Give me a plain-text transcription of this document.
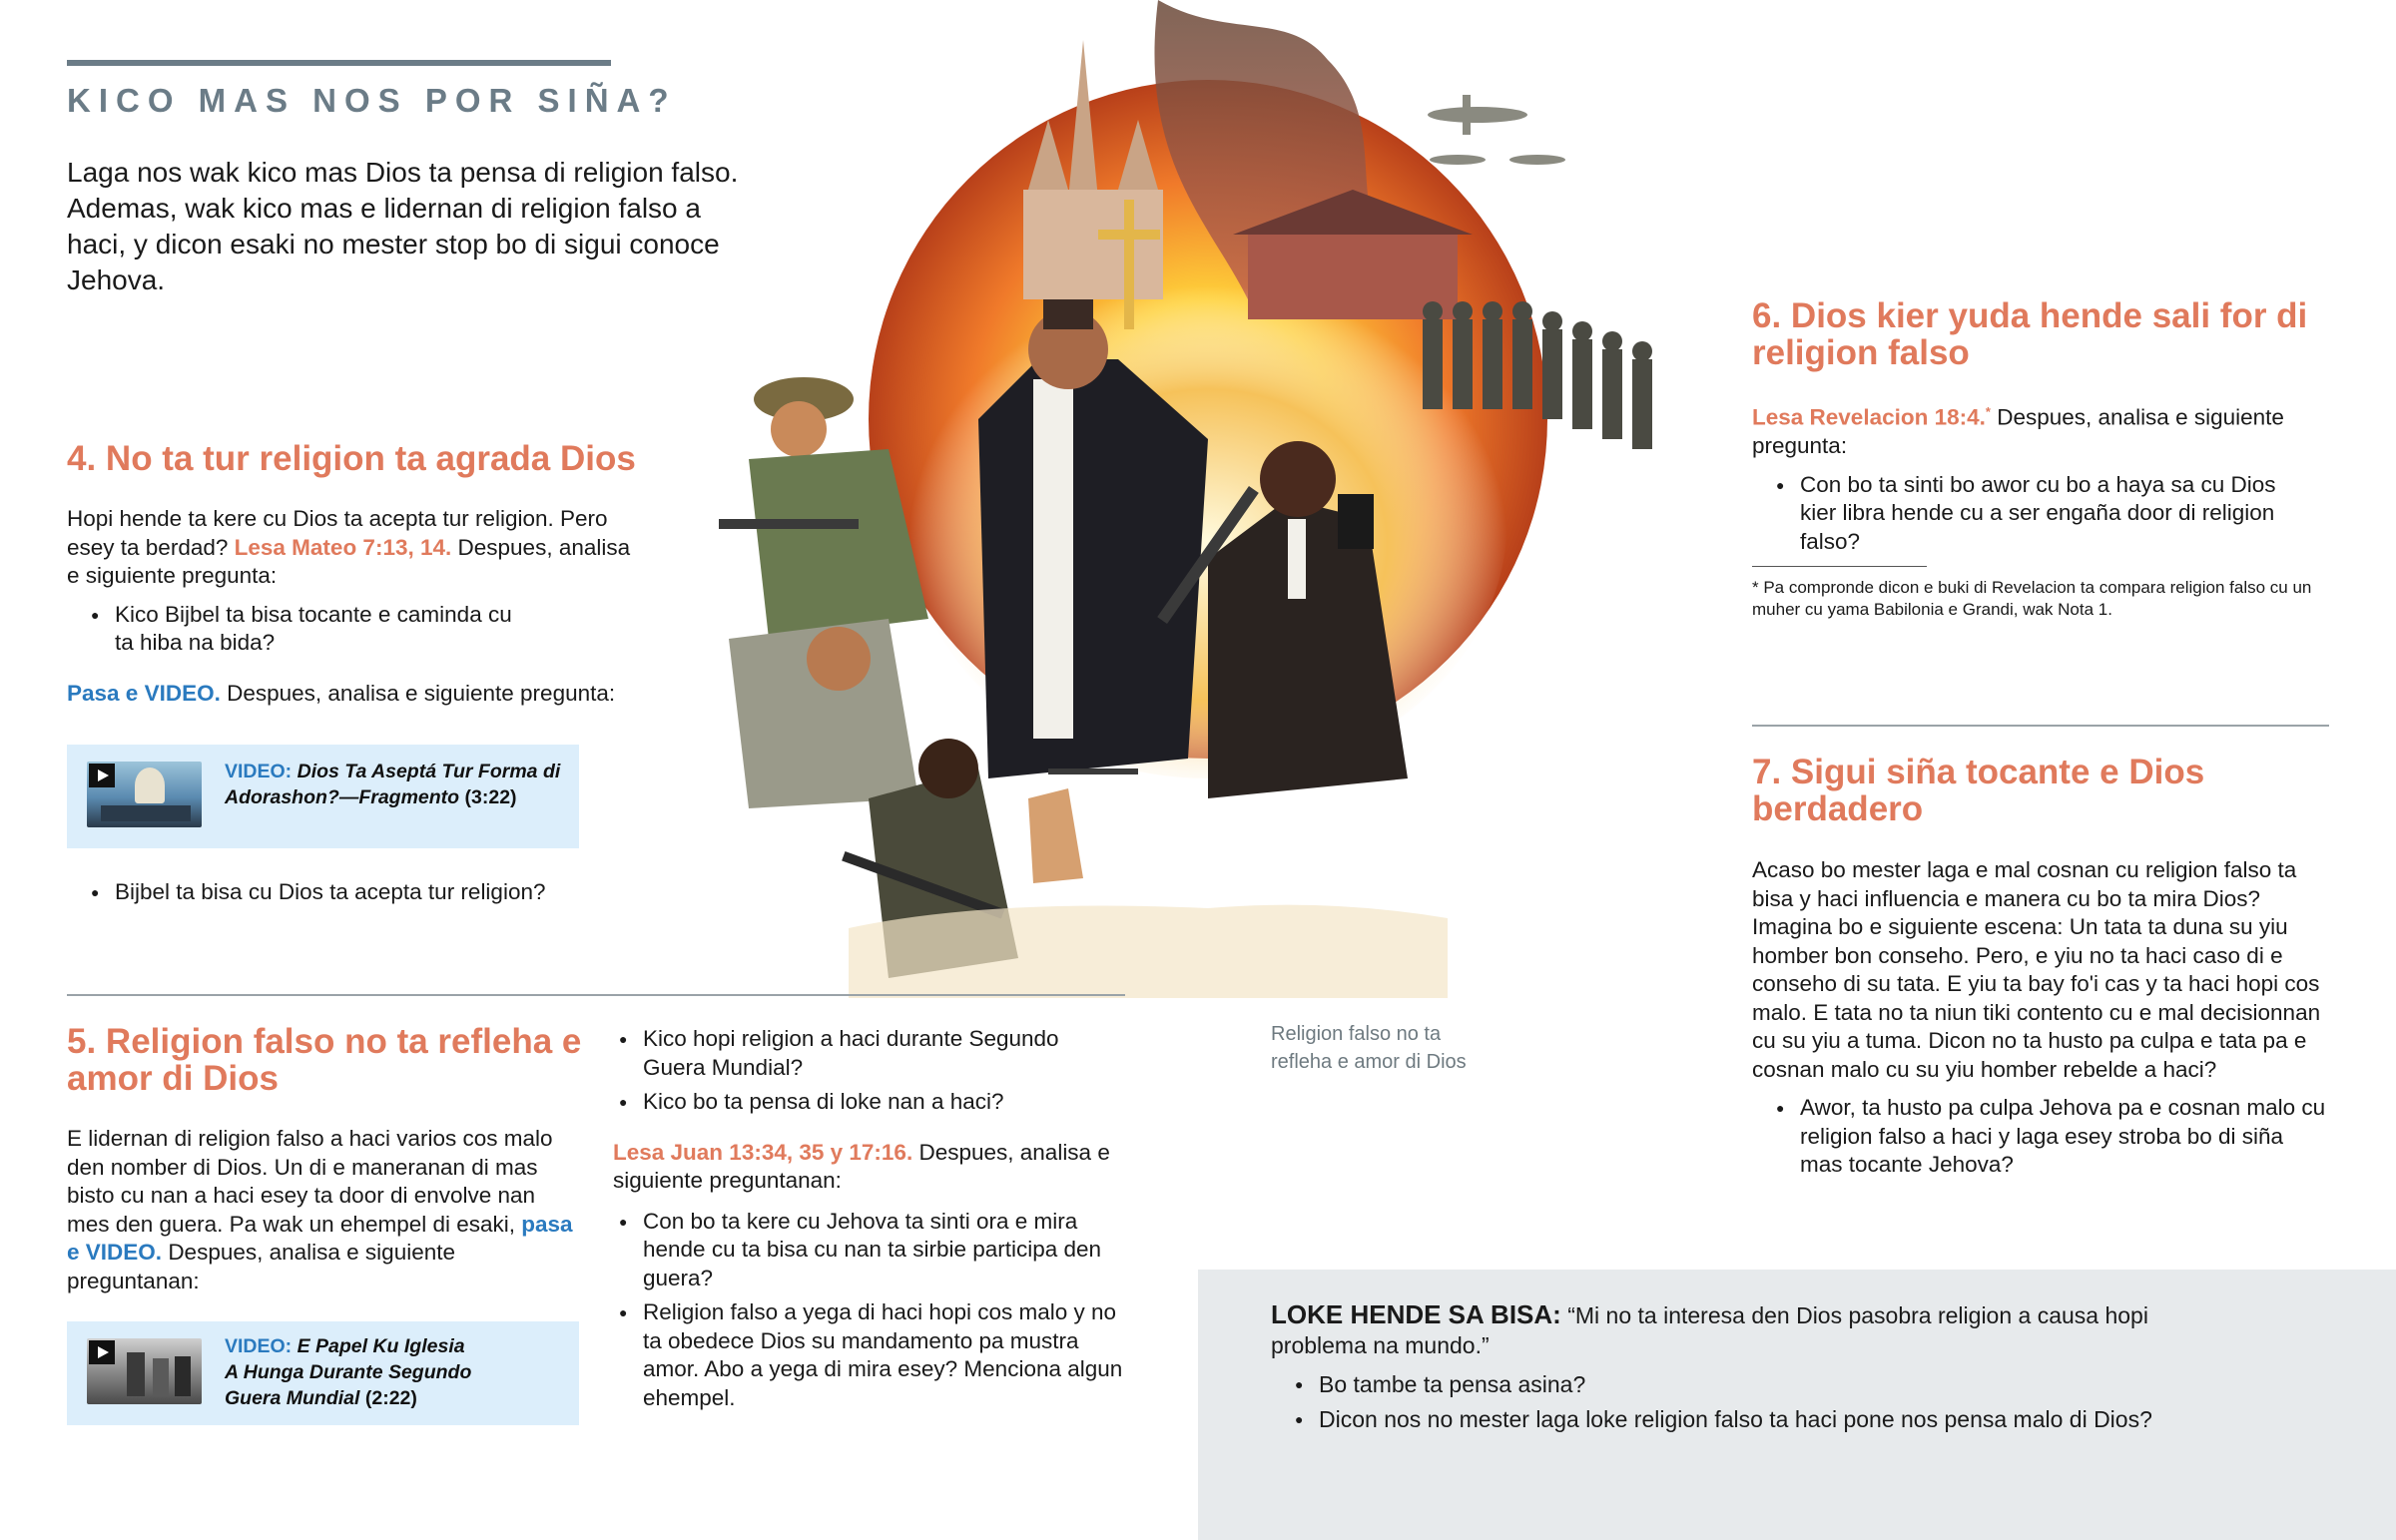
KICO MAS NOS POR SIÑA?
Laga nos wak kico mas Dios ta pensa di religion falso. Ademas, wak kico mas e lidernan di religion falso a haci, y dicon esaki no mester stop bo di sigui conoce Jehova.
Religion falso no ta refleha e amor di Dios
4. No ta tur religion ta agrada Dios
Hopi hende ta kere cu Dios ta acepta tur religion. Pero esey ta berdad? Lesa Mateo 7:13, 14. Despues, analisa e siguiente pregunta:
● Kico Bijbel ta bisa tocante e caminda cu ta hiba na bida?
Pasa e VIDEO. Despues, analisa e siguiente pregunta:
VIDEO: Dios Ta Aseptá Tur Forma di Adorashon?—Fragmento (3:22)
● Bijbel ta bisa cu Dios ta acepta tur religion?
5. Religion falso no ta refleha e amor di Dios
E lidernan di religion falso a haci varios cos malo den nomber di Dios. Un di e maneranan di mas bisto cu nan a haci esey ta door di envolve nan mes den guera. Pa wak un ehempel di esaki, pasa e VIDEO. Despues, analisa e siguiente preguntanan:
VIDEO: E Papel Ku Iglesia A Hunga Durante Segundo Guera Mundial (2:22)
● Kico hopi religion a haci durante Segundo Guera Mundial?
● Kico bo ta pensa di loke nan a haci?
Lesa Juan 13:34, 35 y 17:16. Despues, analisa e siguiente preguntanan:
● Con bo ta kere cu Jehova ta sinti ora e mira hende cu ta bisa cu nan ta sirbie participa den guera?
● Religion falso a yega di haci hopi cos malo y no ta obedece Dios su mandamento pa mustra amor. Abo a yega di mira esey? Menciona algun ehempel.
6. Dios kier yuda hende sali for di religion falso
Lesa Revelacion 18:4.* Despues, analisa e siguiente pregunta:
● Con bo ta sinti bo awor cu bo a haya sa cu Dios kier libra hende cu a ser engaña door di religion falso?
* Pa compronde dicon e buki di Revelacion ta compara religion falso cu un muher cu yama Babilonia e Grandi, wak Nota 1.
7. Sigui siña tocante e Dios berdadero
Acaso bo mester laga e mal cosnan cu religion falso ta bisa y haci influencia e manera cu bo ta mira Dios? Imagina bo e siguiente escena: Un tata ta duna su yiu homber bon conseho. Pero, e yiu no ta haci caso di e conseho di su tata. E yiu ta bay fo'i cas y ta haci hopi cos malo. E tata no ta niun tiki contento cu e mal decisionnan cu su yiu a tuma. Dicon no ta husto pa culpa e tata pa e cosnan malo cu su yiu homber rebelde a haci?
● Awor, ta husto pa culpa Jehova pa e cosnan malo cu religion falso a haci y laga esey stroba bo di siña mas tocante Jehova?
LOKE HENDE SA BISA: “Mi no ta interesa den Dios pasobra religion a causa hopi problema na mundo.”
● Bo tambe ta pensa asina?
● Dicon nos no mester laga loke religion falso ta haci pone nos pensa malo di Dios?
